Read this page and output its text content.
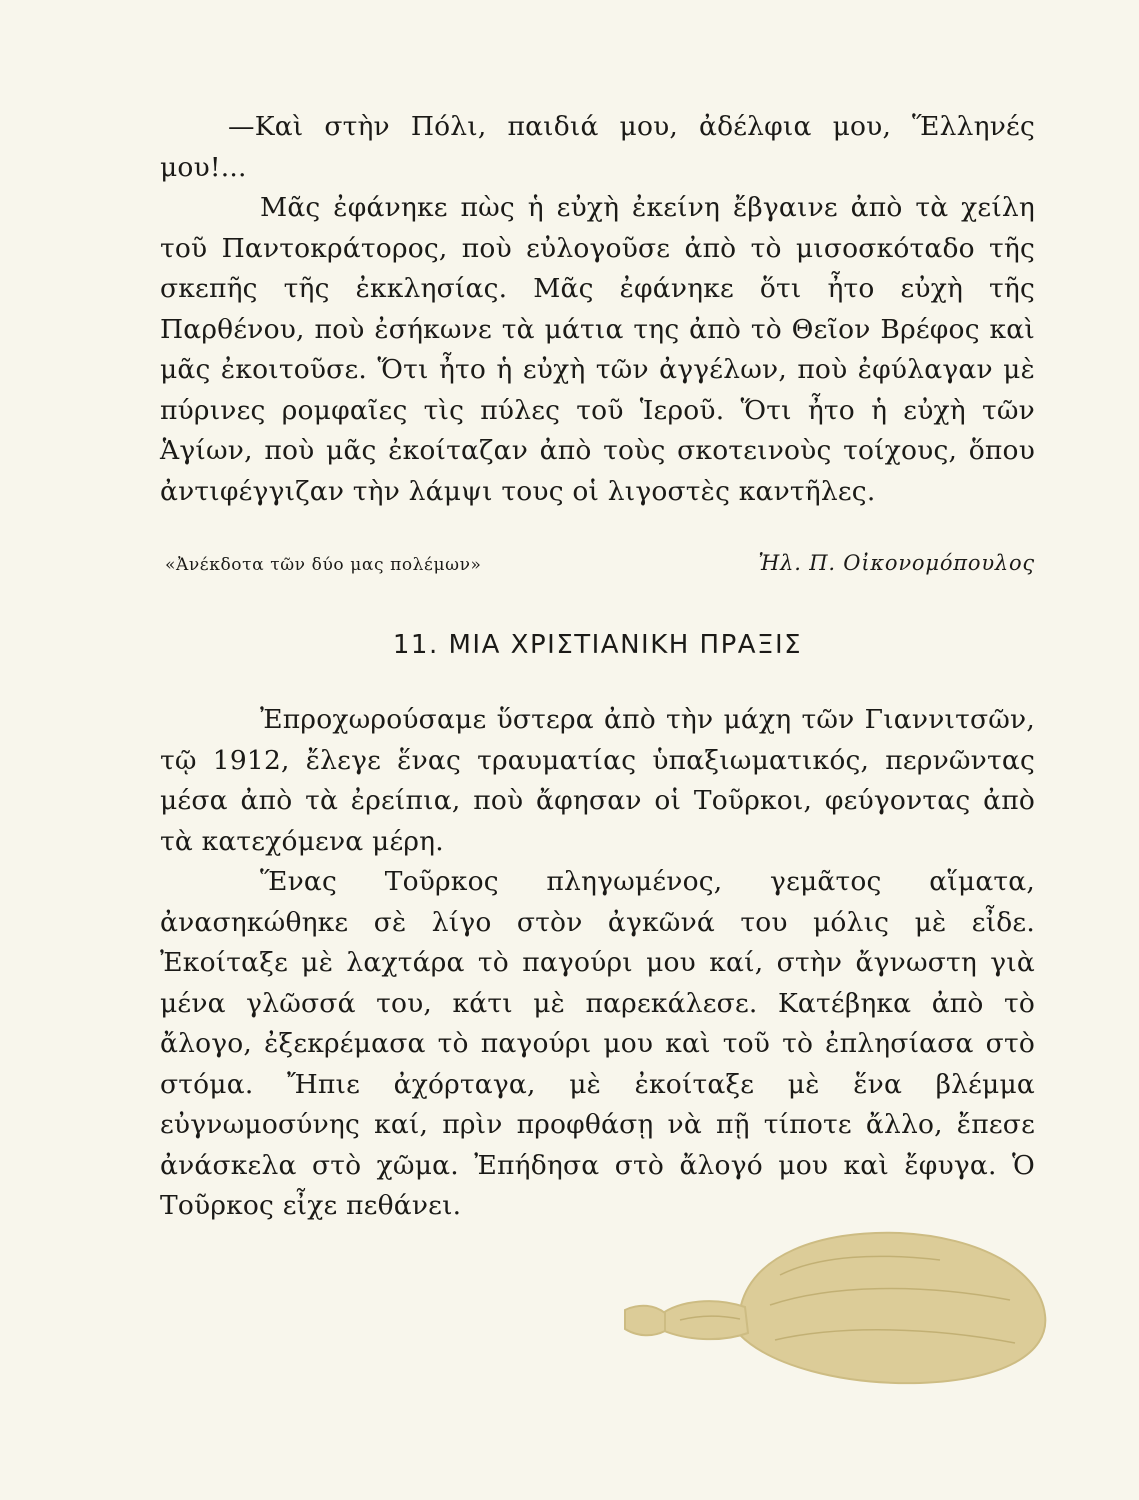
—Καὶ στὴν Πόλι, παιδιά μου, ἀδέλφια μου, Ἕλληνές μου!...

Μᾶς ἐφάνηκε πὼς ἡ εὐχὴ ἐκείνη ἔβγαινε ἀπὸ τὰ χείλη τοῦ Παντοκράτορος, ποὺ εὐλογοῦσε ἀπὸ τὸ μισοσκόταδο τῆς σκεπῆς τῆς ἐκκλησίας. Μᾶς ἐφάνηκε ὅτι ἦτο εὐχὴ τῆς Παρθένου, ποὺ ἐσήκωνε τὰ μάτια της ἀπὸ τὸ Θεῖον Βρέφος καὶ μᾶς ἐκοιτοῦσε. Ὅτι ἦτο ἡ εὐχὴ τῶν ἀγγέλων, ποὺ ἐφύλαγαν μὲ πύρινες ρομφαῖες τὶς πύλες τοῦ Ἱεροῦ. Ὅτι ἦτο ἡ εὐχὴ τῶν Ἁγίων, ποὺ μᾶς ἐκοίταζαν ἀπὸ τοὺς σκοτεινοὺς τοίχους, ὅπου ἀντιφέγγιζαν τὴν λάμψι τους οἱ λιγοστὲς καντῆλες.

«Ἀνέκδοτα τῶν δύο μας πολέμων»	Ἠλ. Π. Οἰκονομόπουλος
11. ΜΙΑ ΧΡΙΣΤΙΑΝΙΚΗ ΠΡΑΞΙΣ

Ἐπροχωρούσαμε ὕστερα ἀπὸ τὴν μάχη τῶν Γιαννιτσῶν, τῷ 1912, ἔλεγε ἕνας τραυματίας ὑπαξιωματικός, περνῶντας μέσα ἀπὸ τὰ ἐρείπια, ποὺ ἄφησαν οἱ Τοῦρκοι, φεύγοντας ἀπὸ τὰ κατεχόμενα μέρη.

Ἕνας Τοῦρκος πληγωμένος, γεμᾶτος αἵματα, ἀνασηκώθηκε σὲ λίγο στὸν ἀγκῶνά του μόλις μὲ εἶδε. Ἐκοίταξε μὲ λαχτάρα τὸ παγούρι μου καί, στὴν ἄγνωστη γιὰ μένα γλῶσσά του, κάτι μὲ παρεκάλεσε. Κατέβηκα ἀπὸ τὸ ἄλογο, ἐξεκρέμασα τὸ παγούρι μου καὶ τοῦ τὸ ἐπλησίασα στὸ στόμα. Ἤπιε ἀχόρταγα, μὲ ἐκοίταξε μὲ ἕνα βλέμμα εὐγνωμοσύνης καί, πρὶν προφθάσῃ νὰ πῇ τίποτε ἄλλο, ἔπεσε ἀνάσκελα στὸ χῶμα. Ἐπήδησα στὸ ἄλογό μου καὶ ἔφυγα. Ὁ Τοῦρκος εἶχε πεθάνει.
